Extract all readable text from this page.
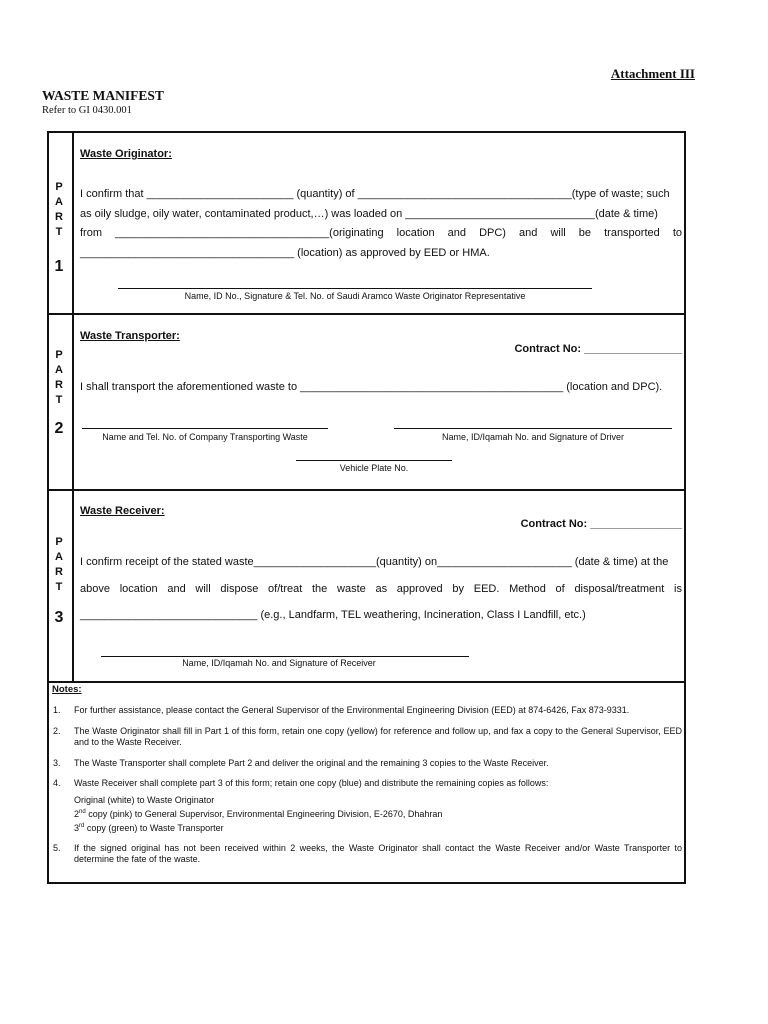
Attachment III
WASTE MANIFEST
Refer to GI 0430.001
P
A
R
T
1
Waste Originator:
I confirm that ________________________ (quantity) of ___________________________________(type of waste; such
as oily sludge, oily water, contaminated product,…) was loaded on _______________________________(date & time)
from ___________________________________(originating location and DPC) and will be transported to
___________________________________ (location) as approved by EED or HMA.
Name, ID No., Signature & Tel. No. of Saudi Aramco Waste Originator Representative
P
A
R
T
2
Waste Transporter:
Contract No: ________________
I shall transport the aforementioned waste to ___________________________________________ (location and DPC).
Name and Tel. No. of Company Transporting Waste	Name, ID/Iqamah No. and Signature of Driver
Vehicle Plate No.
P
A
R
T
3
Waste Receiver:
Contract No: _______________
I confirm receipt of the stated waste____________________(quantity) on______________________ (date & time) at the
above location and will dispose of/treat the waste as approved by EED. Method of disposal/treatment is
_____________________________ (e.g., Landfarm, TEL weathering, Incineration, Class I Landfill, etc.)
Name, ID/Iqamah No. and Signature of Receiver
Notes:
1. For further assistance, please contact the General Supervisor of the Environmental Engineering Division (EED) at 874-6426, Fax 873-9331.
2. The Waste Originator shall fill in Part 1 of this form, retain one copy (yellow) for reference and follow up, and fax a copy to the General Supervisor, EED and to the Waste Receiver.
3. The Waste Transporter shall complete Part 2 and deliver the original and the remaining 3 copies to the Waste Receiver.
4. Waste Receiver shall complete part 3 of this form; retain one copy (blue) and distribute the remaining copies as follows:
Original (white) to Waste Originator
2nd copy (pink) to General Supervisor, Environmental Engineering Division, E-2670, Dhahran
3rd copy (green) to Waste Transporter
5. If the signed original has not been received within 2 weeks, the Waste Originator shall contact the Waste Receiver and/or Waste Transporter to determine the fate of the waste.
